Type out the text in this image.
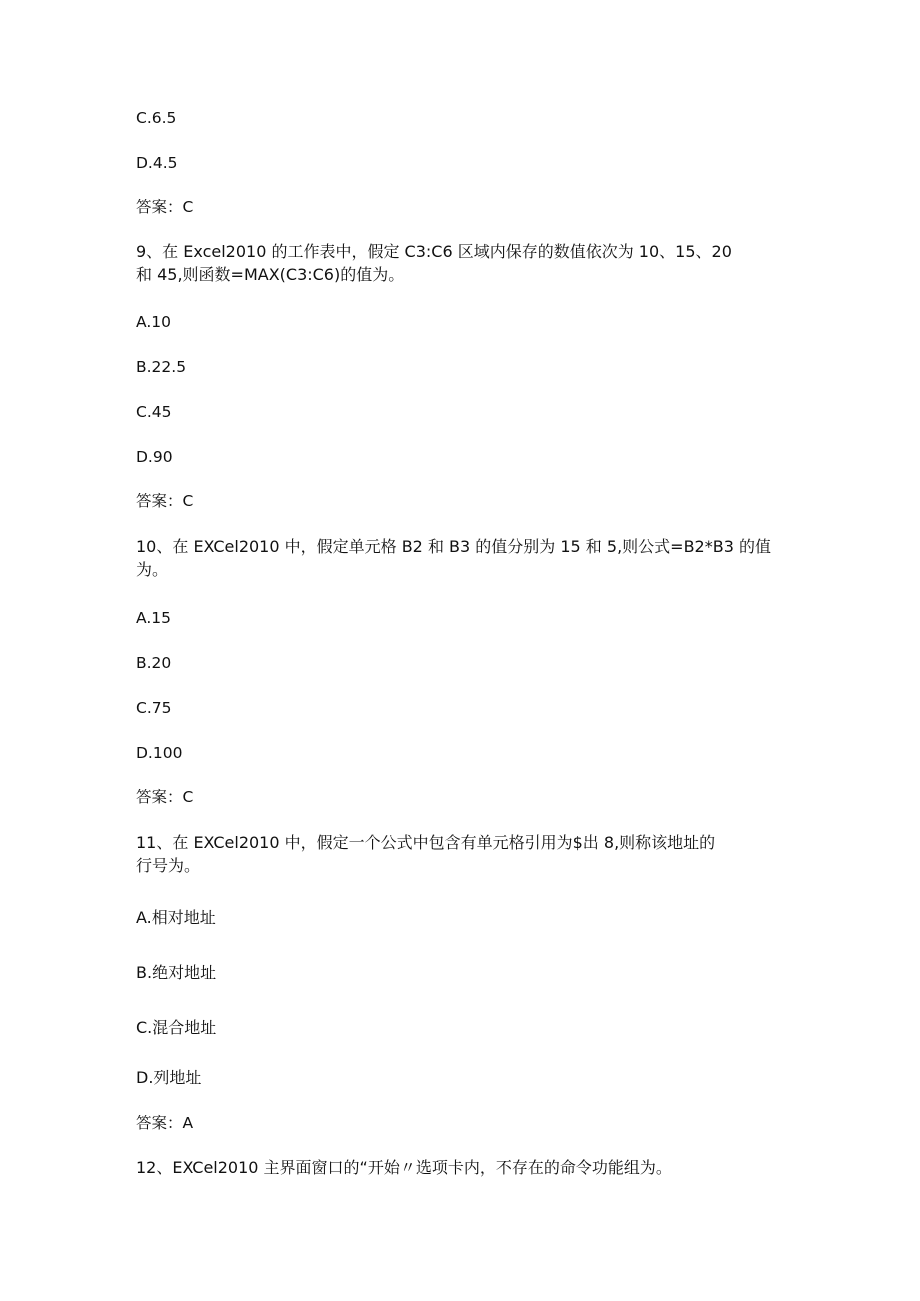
C.6.5

D.4.5

答案：C

9、在 Excel2010 的工作表中，假定 C3:C6 区域内保存的数值依次为 10、15、20
和 45,则函数=MAX(C3:C6)的值为。

A.10

B.22.5

C.45

D.90

答案：C

10、在 EXCel2010 中，假定单元格 B2 和 B3 的值分别为 15 和 5,则公式=B2*B3 的值
为。

A.15

B.20

C.75

D.100

答案：C

11、在 EXCel2010 中，假定一个公式中包含有单元格引用为$出 8,则称该地址的
行号为。

A.相对地址

B.绝对地址

C.混合地址

D.列地址

答案：A

12、EXCel2010 主界面窗口的“开始〃选项卡内，不存在的命令功能组为。
